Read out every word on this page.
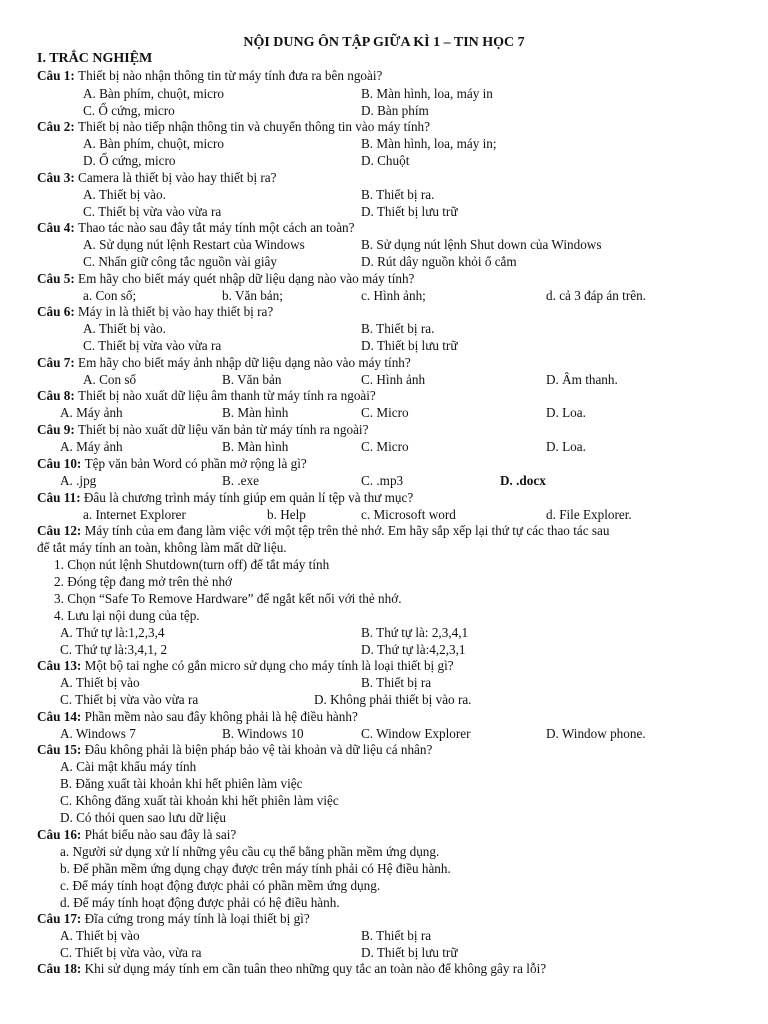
NỘI DUNG ÔN TẬP GIỮA KÌ 1 – TIN HỌC 7
I. TRẮC NGHIỆM
Câu 1: Thiết bị nào nhận thông tin từ máy tính đưa ra bên ngoài?
A. Bàn phím, chuột, micro	B. Màn hình, loa, máy in
C. Ổ cứng, micro	D. Bàn phím
Câu 2: Thiết bị nào tiếp nhận thông tin và chuyển thông tin vào máy tính?
A. Bàn phím, chuột, micro	B. Màn hình, loa, máy in;
D. Ổ cứng, micro	D. Chuột
Câu 3: Camera là thiết bị vào hay thiết bị ra?
A. Thiết bị vào.	B. Thiết bị ra.
C. Thiết bị vừa vào vừa ra	D. Thiết bị lưu trữ
Câu 4: Thao tác nào sau đây tắt máy tính một cách an toàn?
A. Sử dụng nút lệnh Restart của Windows	B. Sử dụng nút lệnh Shut down của Windows
C. Nhấn giữ công tắc nguồn vài giây	D. Rút dây nguồn khỏi ổ cắm
Câu 5: Em hãy cho biết máy quét nhập dữ liệu dạng nào vào máy tính?
a. Con số;	b. Văn bản;	c. Hình ảnh;	d. cả 3 đáp án trên.
Câu 6: Máy in là thiết bị vào hay thiết bị ra?
A. Thiết bị vào.	B. Thiết bị ra.
C. Thiết bị vừa vào vừa ra	D. Thiết bị lưu trữ
Câu 7: Em hãy cho biết máy ảnh nhập dữ liệu dạng nào vào máy tính?
A. Con số	B. Văn bản	C. Hình ảnh	D. Âm thanh.
Câu 8: Thiết bị nào xuất dữ liệu âm thanh từ máy tính ra ngoài?
A. Máy ảnh	B. Màn hình	C. Micro	D. Loa.
Câu 9: Thiết bị nào xuất dữ liệu văn bản từ máy tính ra ngoài?
A. Máy ảnh	B. Màn hình	C. Micro	D. Loa.
Câu 10: Tệp văn bản Word có phần mở rộng là gì?
A. .jpg	B. .exe	C. .mp3	D. .docx
Câu 11: Đâu là chương trình máy tính giúp em quản lí tệp và thư mục?
a. Internet Explorer	b. Help	c. Microsoft word	d. File Explorer.
Câu 12: Máy tính của em đang làm việc với một tệp trên thẻ nhớ. Em hãy sắp xếp lại thứ tự các thao tác sau
để tắt máy tính an toàn, không làm mất dữ liệu.
1. Chọn nút lệnh Shutdown(turn off) để tắt máy tính
2. Đóng tệp đang mở trên thẻ nhớ
3. Chọn “Safe To Remove Hardware” để ngắt kết nối với thẻ nhớ.
4. Lưu lại nội dung của tệp.
A. Thứ tự là:1,2,3,4	B. Thứ tự là: 2,3,4,1
C. Thứ tự là:3,4,1, 2	D. Thứ tự là:4,2,3,1
Câu 13: Một bộ tai nghe có gắn micro sử dụng cho máy tính là loại thiết bị gì?
A. Thiết bị vào	B. Thiết bị ra
C. Thiết bị vừa vào vừa ra	D. Không phải thiết bị vào ra.
Câu 14: Phần mềm nào sau đây không phải là hệ điều hành?
A. Windows 7	B. Windows 10	C. Window Explorer	D. Window phone.
Câu 15: Đâu không phải là biện pháp bảo vệ tài khoản và dữ liệu cá nhân?
A. Cài mật khẩu máy tính
B. Đăng xuất tài khoản khi hết phiên làm việc
C. Không đăng xuất tài khoản khi hết phiên làm việc
D. Có thói quen sao lưu dữ liệu
Câu 16: Phát biểu nào sau đây là sai?
a. Người sử dụng xử lí những yêu cầu cụ thể bằng phần mềm ứng dụng.
b. Để phần mềm ứng dụng chạy được trên máy tính phải có Hệ điều hành.
c. Để máy tính hoạt động được phải có phần mềm ứng dụng.
d. Để máy tính hoạt động được phải có hệ điều hành.
Câu 17: Đĩa cứng trong máy tính là loại thiết bị gì?
A. Thiết bị vào	B. Thiết bị ra
C. Thiết bị vừa vào, vừa ra	D. Thiết bị lưu trữ
Câu 18: Khi sử dụng máy tính em cần tuân theo những quy tắc an toàn nào để không gây ra lỗi?
